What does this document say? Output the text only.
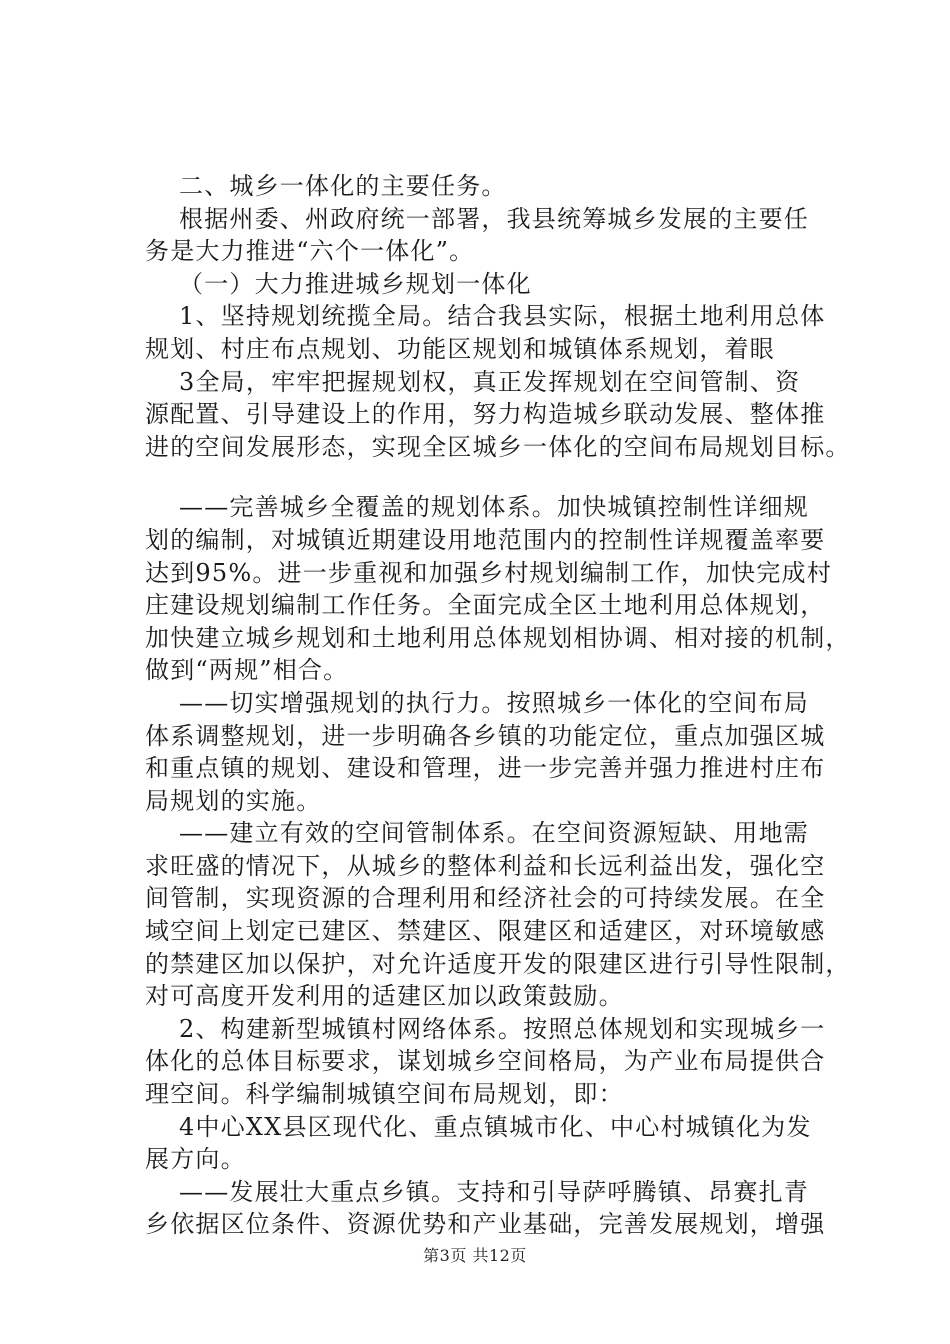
二、城乡一体化的主要任务。
根据州委、州政府统一部署，我县统筹城乡发展的主要任
务是大力推进“六个一体化”。
（一）大力推进城乡规划一体化
1、坚持规划统揽全局。结合我县实际，根据土地利用总体
规划、村庄布点规划、功能区规划和城镇体系规划，着眼
3全局，牢牢把握规划权，真正发挥规划在空间管制、资
源配置、引导建设上的作用，努力构造城乡联动发展、整体推
进的空间发展形态，实现全区城乡一体化的空间布局规划目标。
——完善城乡全覆盖的规划体系。加快城镇控制性详细规
划的编制，对城镇近期建设用地范围内的控制性详规覆盖率要
达到95%。进一步重视和加强乡村规划编制工作，加快完成村
庄建设规划编制工作任务。全面完成全区土地利用总体规划，
加快建立城乡规划和土地利用总体规划相协调、相对接的机制，
做到“两规”相合。
——切实增强规划的执行力。按照城乡一体化的空间布局
体系调整规划，进一步明确各乡镇的功能定位，重点加强区城
和重点镇的规划、建设和管理，进一步完善并强力推进村庄布
局规划的实施。
——建立有效的空间管制体系。在空间资源短缺、用地需
求旺盛的情况下，从城乡的整体利益和长远利益出发，强化空
间管制，实现资源的合理利用和经济社会的可持续发展。在全
域空间上划定已建区、禁建区、限建区和适建区，对环境敏感
的禁建区加以保护，对允许适度开发的限建区进行引导性限制，
对可高度开发利用的适建区加以政策鼓励。
2、构建新型城镇村网络体系。按照总体规划和实现城乡一
体化的总体目标要求，谋划城乡空间格局，为产业布局提供合
理空间。科学编制城镇空间布局规划，即：
4中心XX县区现代化、重点镇城市化、中心村城镇化为发
展方向。
——发展壮大重点乡镇。支持和引导萨呼腾镇、昂赛扎青
乡依据区位条件、资源优势和产业基础，完善发展规划，增强
第3页 共12页
